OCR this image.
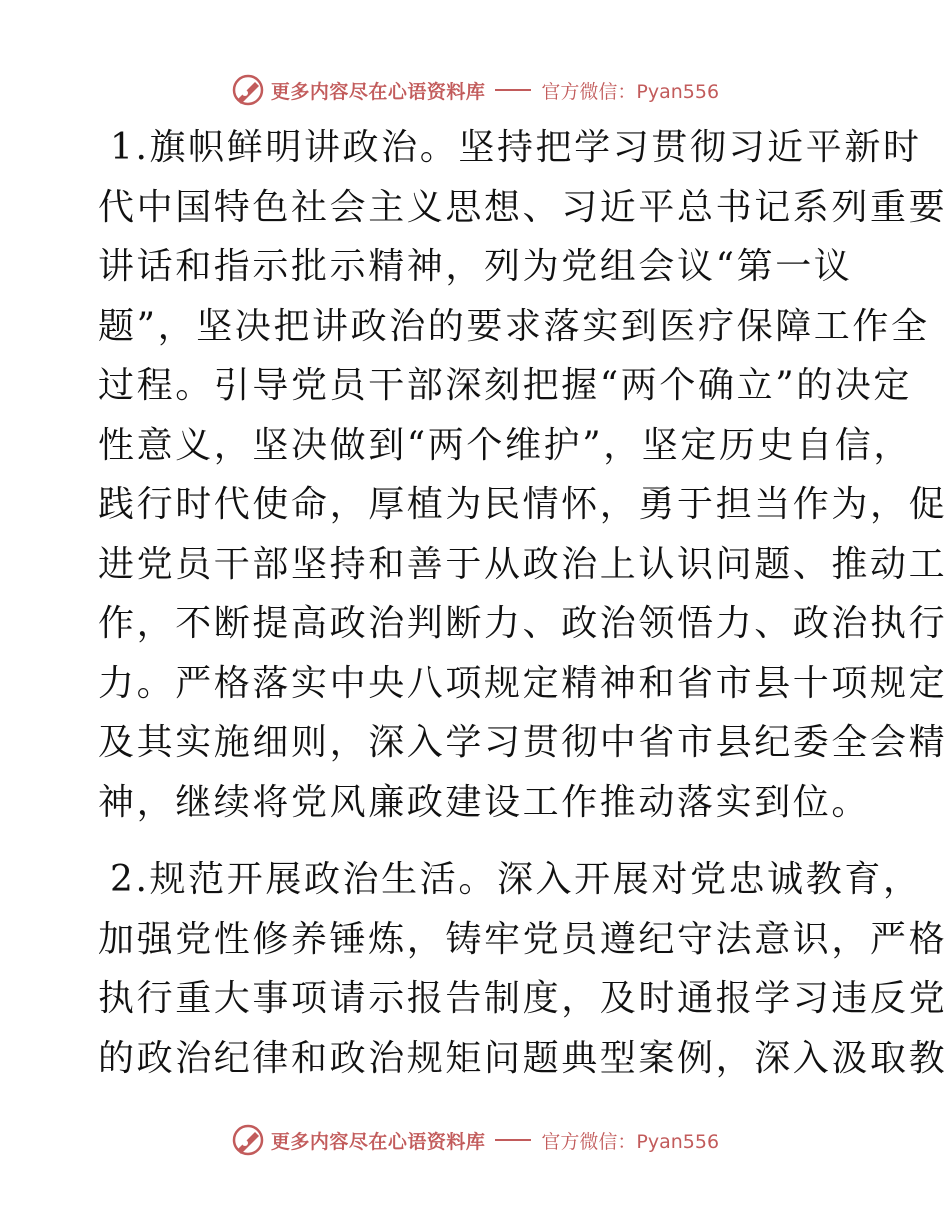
更多内容尽在心语资料库	官方微信：Pyan556

1.旗帜鲜明讲政治。坚持把学习贯彻习近平新时
代中国特色社会主义思想、习近平总书记系列重要
讲话和指示批示精神，列为党组会议“第一议
题”，坚决把讲政治的要求落实到医疗保障工作全
过程。引导党员干部深刻把握“两个确立”的决定
性意义，坚决做到“两个维护”，坚定历史自信，
践行时代使命，厚植为民情怀，勇于担当作为，促
进党员干部坚持和善于从政治上认识问题、推动工
作，不断提高政治判断力、政治领悟力、政治执行
力。严格落实中央八项规定精神和省市县十项规定
及其实施细则，深入学习贯彻中省市县纪委全会精
神，继续将党风廉政建设工作推动落实到位。

2.规范开展政治生活。深入开展对党忠诚教育，
加强党性修养锤炼，铸牢党员遵纪守法意识，严格
执行重大事项请示报告制度，及时通报学习违反党
的政治纪律和政治规矩问题典型案例，深入汲取教

更多内容尽在心语资料库	官方微信：Pyan556
